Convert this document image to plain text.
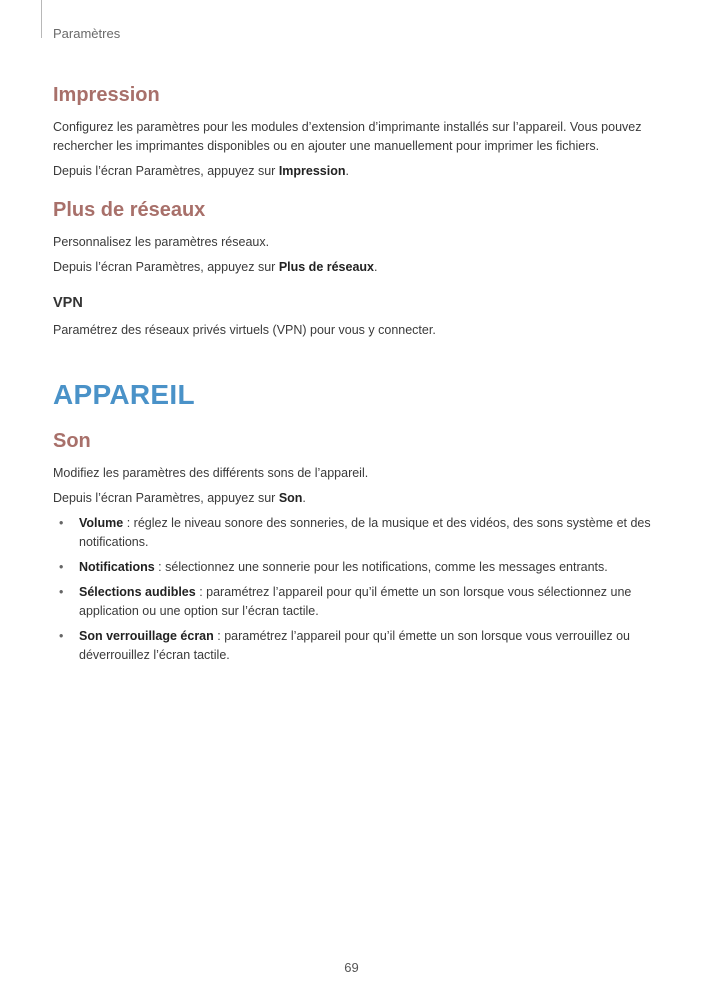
Paramètres
Impression
Configurez les paramètres pour les modules d’extension d’imprimante installés sur l’appareil. Vous pouvez rechercher les imprimantes disponibles ou en ajouter une manuellement pour imprimer les fichiers.
Depuis l’écran Paramètres, appuyez sur Impression.
Plus de réseaux
Personnalisez les paramètres réseaux.
Depuis l’écran Paramètres, appuyez sur Plus de réseaux.
VPN
Paramétrez des réseaux privés virtuels (VPN) pour vous y connecter.
APPAREIL
Son
Modifiez les paramètres des différents sons de l’appareil.
Depuis l’écran Paramètres, appuyez sur Son.
• Volume : réglez le niveau sonore des sonneries, de la musique et des vidéos, des sons système et des notifications.
• Notifications : sélectionnez une sonnerie pour les notifications, comme les messages entrants.
• Sélections audibles : paramétrez l’appareil pour qu’il émette un son lorsque vous sélectionnez une application ou une option sur l’écran tactile.
• Son verrouillage écran : paramétrez l’appareil pour qu’il émette un son lorsque vous verrouillez ou déverrouillez l’écran tactile.
69
